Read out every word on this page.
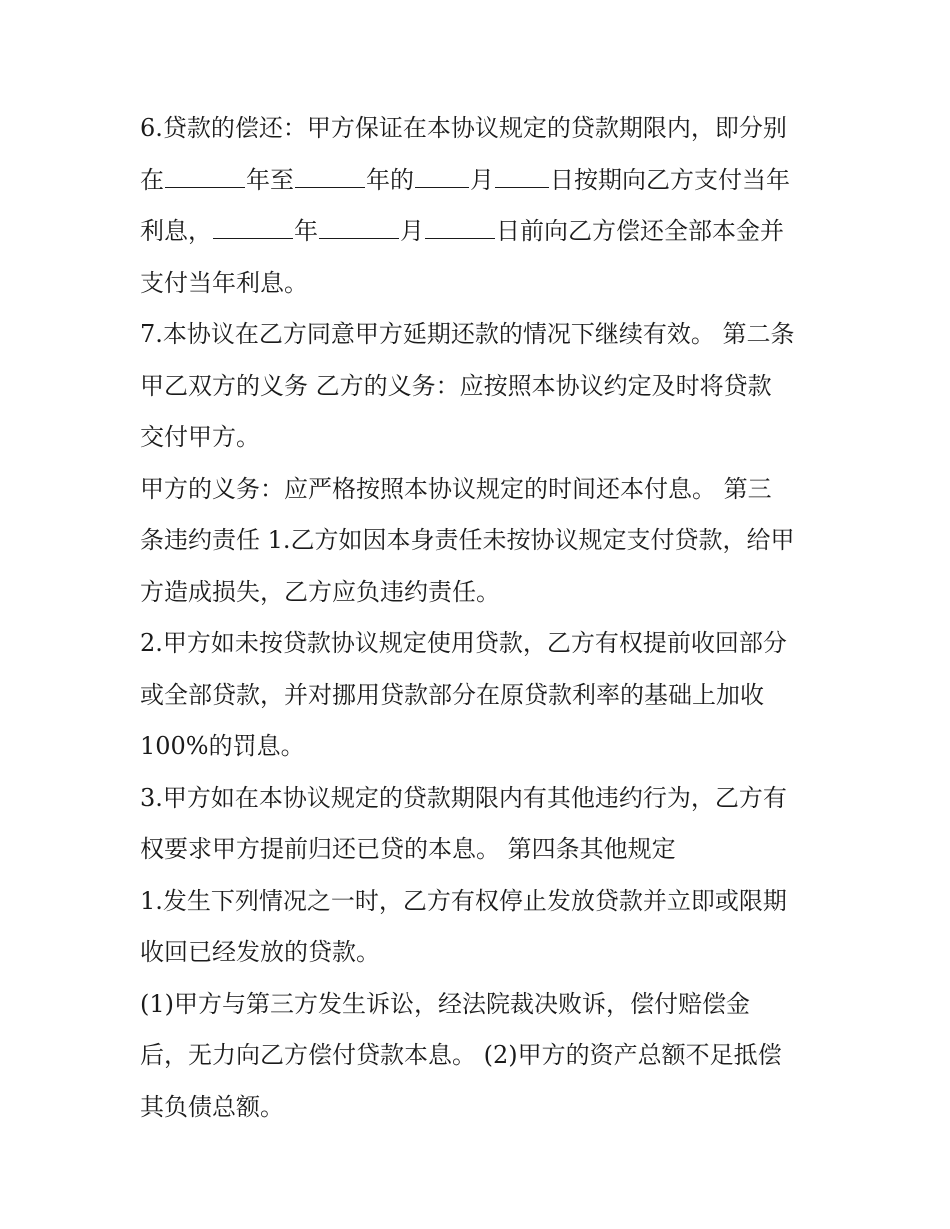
6.贷款的偿还：甲方保证在本协议规定的贷款期限内，即分别
在	年至	年的 月 日按期向乙方支付当年
利息，	年	月	日前向乙方偿还全部本金并
支付当年利息。
7.本协议在乙方同意甲方延期还款的情况下继续有效。 第二条
甲乙双方的义务 乙方的义务：应按照本协议约定及时将贷款
交付甲方。
甲方的义务：应严格按照本协议规定的时间还本付息。 第三
条违约责任 1.乙方如因本身责任未按协议规定支付贷款，给甲
方造成损失，乙方应负违约责任。
2.甲方如未按贷款协议规定使用贷款，乙方有权提前收回部分
或全部贷款，并对挪用贷款部分在原贷款利率的基础上加收
100%的罚息。
3.甲方如在本协议规定的贷款期限内有其他违约行为，乙方有
权要求甲方提前归还已贷的本息。 第四条其他规定
1.发生下列情况之一时，乙方有权停止发放贷款并立即或限期
收回已经发放的贷款。
(1)甲方与第三方发生诉讼，经法院裁决败诉，偿付赔偿金
后，无力向乙方偿付贷款本息。 (2)甲方的资产总额不足抵偿
其负债总额。
